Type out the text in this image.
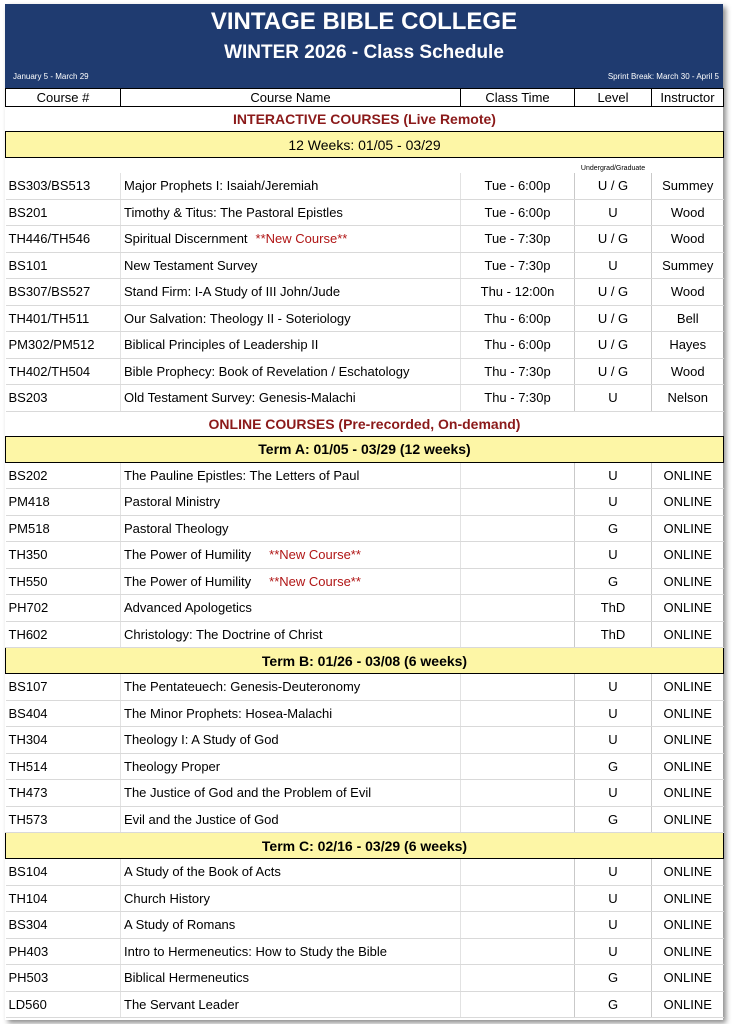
VINTAGE BIBLE COLLEGE
WINTER 2026 - Class Schedule
January 5 - March 29	Sprint Break: March 30 - April 5
Course #	Course Name	Class Time	Level	Instructor
INTERACTIVE COURSES (Live Remote)				
12 Weeks: 01/05 - 03/29				
			Undergrad/Graduate	
BS303/BS513	Major Prophets I: Isaiah/Jeremiah	Tue - 6:00p	U / G	Summey
BS201	Timothy & Titus: The Pastoral Epistles	Tue - 6:00p	U	Wood
TH446/TH546	Spiritual Discernment **New Course**	Tue - 7:30p	U / G	Wood
BS101	New Testament Survey	Tue - 7:30p	U	Summey
BS307/BS527	Stand Firm: I-A Study of III John/Jude	Thu - 12:00n	U / G	Wood
TH401/TH511	Our Salvation: Theology II - Soteriology	Thu - 6:00p	U / G	Bell
PM302/PM512	Biblical Principles of Leadership II	Thu - 6:00p	U / G	Hayes
TH402/TH504	Bible Prophecy: Book of Revelation / Eschatology	Thu - 7:30p	U / G	Wood
BS203	Old Testament Survey: Genesis-Malachi	Thu - 7:30p	U	Nelson
ONLINE COURSES (Pre-recorded, On-demand)				
Term A: 01/05 - 03/29 (12 weeks)				
BS202	The Pauline Epistles: The Letters of Paul		U	ONLINE
PM418	Pastoral Ministry		U	ONLINE
PM518	Pastoral Theology		G	ONLINE
TH350	The Power of Humility **New Course**		U	ONLINE
TH550	The Power of Humility **New Course**		G	ONLINE
PH702	Advanced Apologetics		ThD	ONLINE
TH602	Christology: The Doctrine of Christ		ThD	ONLINE
Term B: 01/26 - 03/08 (6 weeks)				
BS107	The Pentateuech: Genesis-Deuteronomy		U	ONLINE
BS404	The Minor Prophets: Hosea-Malachi		U	ONLINE
TH304	Theology I: A Study of God		U	ONLINE
TH514	Theology Proper		G	ONLINE
TH473	The Justice of God and the Problem of Evil		U	ONLINE
TH573	Evil and the Justice of God		G	ONLINE
Term C: 02/16 - 03/29 (6 weeks)				
BS104	A Study of the Book of Acts		U	ONLINE
TH104	Church History		U	ONLINE
BS304	A Study of Romans		U	ONLINE
PH403	Intro to Hermeneutics: How to Study the Bible		U	ONLINE
PH503	Biblical Hermeneutics		G	ONLINE
LD560	The Servant Leader		G	ONLINE
